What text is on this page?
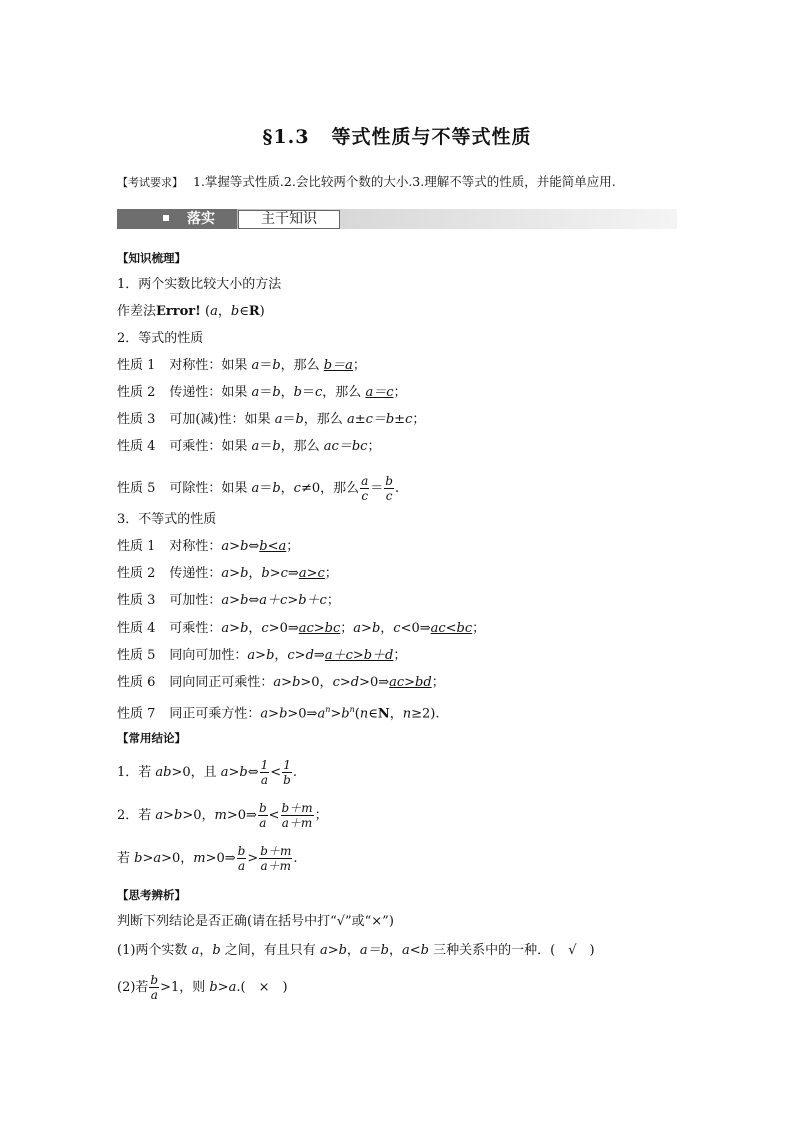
§1.3 等式性质与不等式性质
【考试要求】 1.掌握等式性质.2.会比较两个数的大小.3.理解不等式的性质，并能简单应用.
落实	主干知识
【知识梳理】
1．两个实数比较大小的方法
作差法Error! (a，b∈R)
2．等式的性质
性质 1 对称性：如果 a＝b，那么 b＝a；
性质 2 传递性：如果 a＝b，b＝c，那么 a＝c；
性质 3 可加(减)性：如果 a＝b，那么 a±c＝b±c；
性质 4 可乘性：如果 a＝b，那么 ac＝bc；
性质 5 可除性：如果 a＝b，c≠0，那么 $\frac{a}{c} = \frac{b}{c}$ .
3．不等式的性质
性质 1 对称性：a>b⇔b<a；
性质 2 传递性：a>b，b>c⇒a>c；
性质 3 可加性：a>b⇔a＋c>b＋c；
性质 4 可乘性：a>b，c>0⇒ac>bc；a>b，c<0⇒ac<bc；
性质 5 同向可加性：a>b，c>d⇒a＋c>b＋d；
性质 6 同向同正可乘性：a>b>0，c>d>0⇒ac>bd；
性质 7 同正可乘方性：$a>b>0\Rightarrow a^n>b^n(n\in N$，n≥2).
【常用结论】
1．若 ab>0，且 a>b⇔ $\frac{1}{a} < \frac{1}{b}$ .
2．若 a>b>0，m>0⇒ $\frac{b}{a} < \frac{b+m}{a+m}$ ；
若 b>a>0，m>0⇒ $\frac{b}{a} > \frac{b+m}{a+m}$ .
【思考辨析】
判断下列结论是否正确(请在括号中打“√”或“×”)
(1)两个实数 a，b 之间，有且只有 a>b，a＝b，a<b 三种关系中的一种．(　√　)
(2)若 $\frac{b}{a} >1$，则 b>a.(　×　)
